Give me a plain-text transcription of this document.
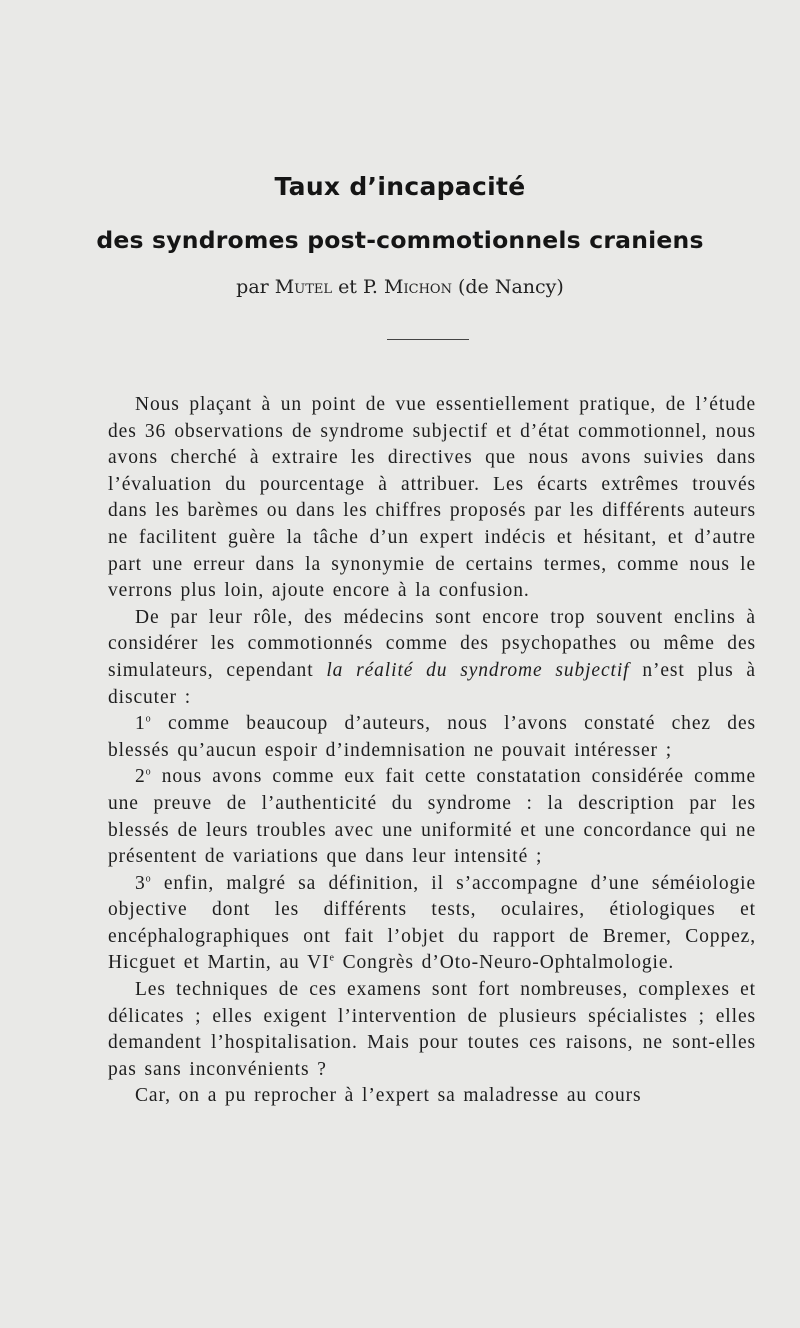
Taux d’incapacité
des syndromes post-commotionnels craniens
par Mutel et P. Michon (de Nancy)

Nous plaçant à un point de vue essentiellement pratique, de l’étude des 36 observations de syndrome subjectif et d’état commotionnel, nous avons cherché à extraire les directives que nous avons suivies dans l’évaluation du pourcentage à attribuer. Les écarts extrêmes trouvés dans les barèmes ou dans les chiffres proposés par les différents auteurs ne facilitent guère la tâche d’un expert indécis et hésitant, et d’autre part une erreur dans la synonymie de certains termes, comme nous le verrons plus loin, ajoute encore à la confusion.

De par leur rôle, des médecins sont encore trop souvent enclins à considérer les commotionnés comme des psychopathes ou même des simulateurs, cependant la réalité du syndrome subjectif n’est plus à discuter :

1$^o$ comme beaucoup d’auteurs, nous l’avons constaté chez des blessés qu’aucun espoir d’indemnisation ne pouvait intéresser ;

2$^o$ nous avons comme eux fait cette constatation considérée comme une preuve de l’authenticité du syndrome : la description par les blessés de leurs troubles avec une uniformité et une concordance qui ne présentent de variations que dans leur intensité ;

3$^o$ enfin, malgré sa définition, il s’accompagne d’une séméiologie objective dont les différents tests, oculaires, étiologiques et encéphalographiques ont fait l’objet du rapport de Bremer, Coppez, Hicguet et Martin, au VIe Congrès d’Oto-Neuro-Ophtalmologie.

Les techniques de ces examens sont fort nombreuses, complexes et délicates ; elles exigent l’intervention de plusieurs spécialistes ; elles demandent l’hospitalisation. Mais pour toutes ces raisons, ne sont-elles pas sans inconvénients ?

Car, on a pu reprocher à l’expert sa maladresse au cours
